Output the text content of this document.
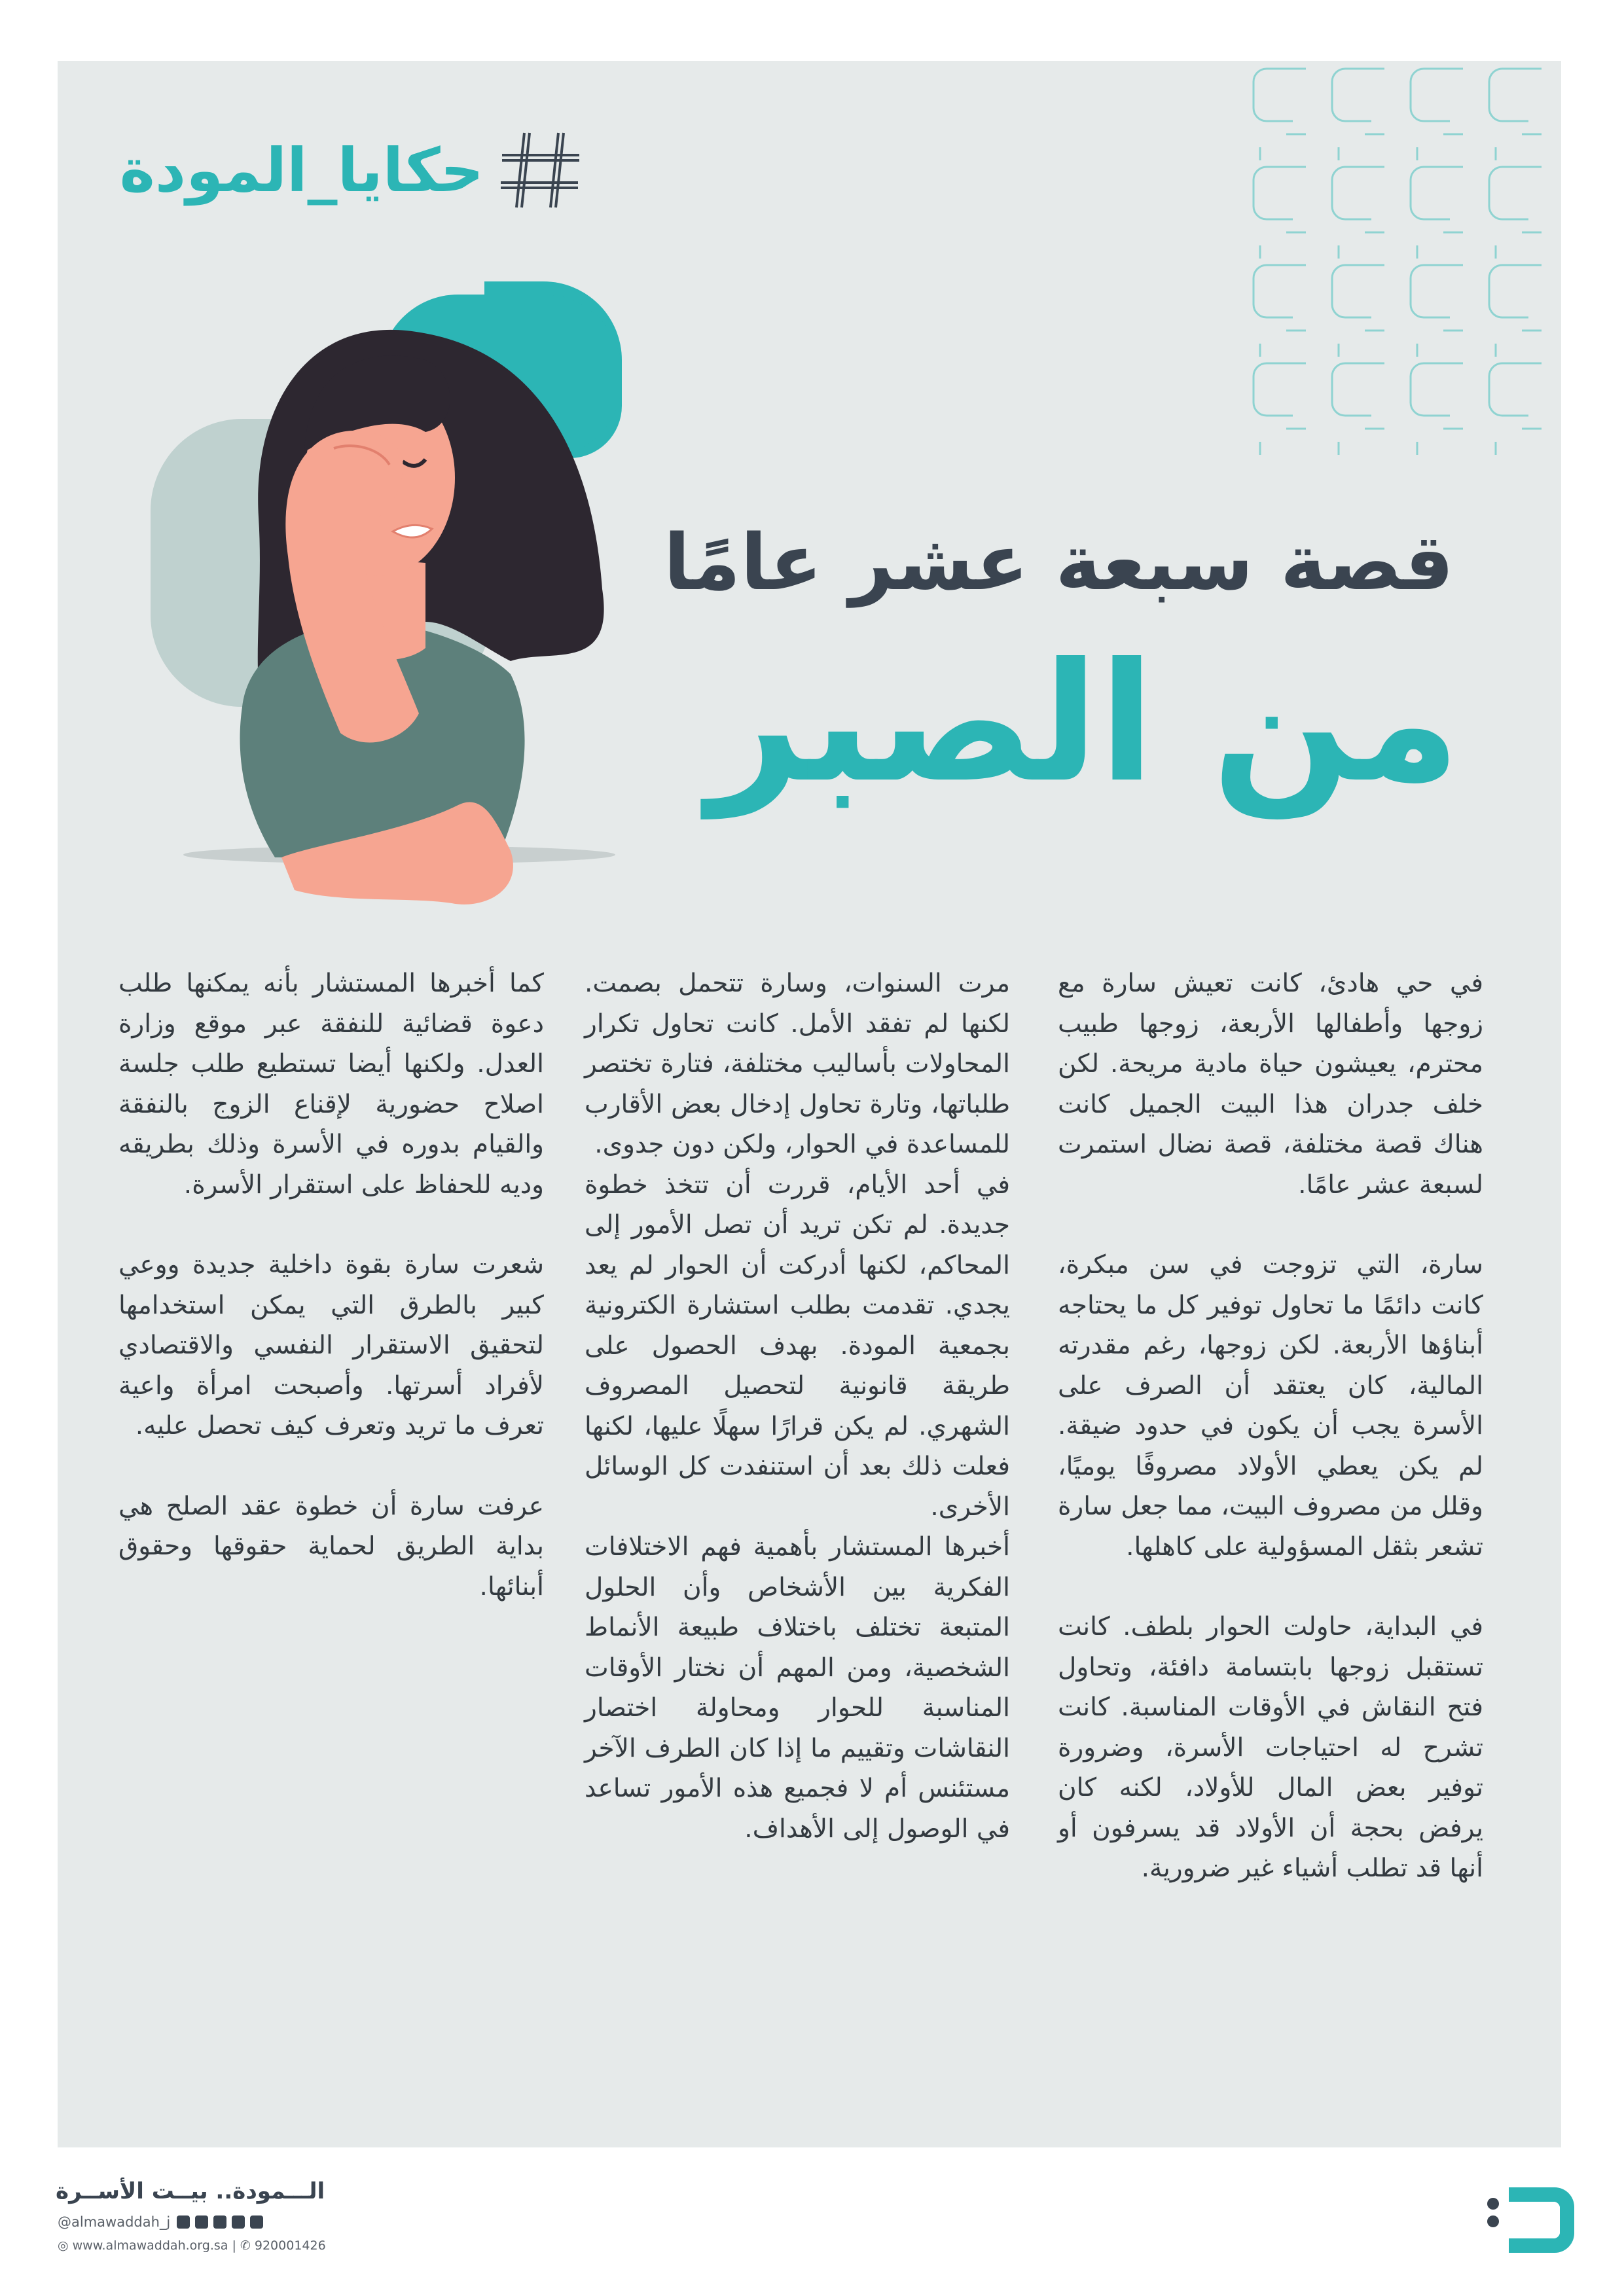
حكايا_المودة
قصة سبعة عشر عامًا
من الصبر

في حي هادئ، كانت تعيش سارة مع زوجها وأطفالها الأربعة، زوجها طبيب محترم، يعيشون حياة مادية مريحة. لكن خلف جدران هذا البيت الجميل كانت هناك قصة مختلفة، قصة نضال استمرت لسبعة عشر عامًا.

سارة، التي تزوجت في سن مبكرة، كانت دائمًا ما تحاول توفير كل ما يحتاجه أبناؤها الأربعة. لكن زوجها، رغم مقدرته المالية، كان يعتقد أن الصرف على الأسرة يجب أن يكون في حدود ضيقة. لم يكن يعطي الأولاد مصروفًا يوميًا، وقلل من مصروف البيت، مما جعل سارة تشعر بثقل المسؤولية على كاهلها.

في البداية، حاولت الحوار بلطف. كانت تستقبل زوجها بابتسامة دافئة، وتحاول فتح النقاش في الأوقات المناسبة. كانت تشرح له احتياجات الأسرة، وضرورة توفير بعض المال للأولاد، لكنه كان يرفض بحجة أن الأولاد قد يسرفون أو أنها قد تطلب أشياء غير ضرورية.

مرت السنوات، وسارة تتحمل بصمت. لكنها لم تفقد الأمل. كانت تحاول تكرار المحاولات بأساليب مختلفة، فتارة تختصر طلباتها، وتارة تحاول إدخال بعض الأقارب للمساعدة في الحوار، ولكن دون جدوى.

في أحد الأيام، قررت أن تتخذ خطوة جديدة. لم تكن تريد أن تصل الأمور إلى المحاكم، لكنها أدركت أن الحوار لم يعد يجدي. تقدمت بطلب استشارة الكترونية بجمعية المودة. بهدف الحصول على طريقة قانونية لتحصيل المصروف الشهري. لم يكن قرارًا سهلًا عليها، لكنها فعلت ذلك بعد أن استنفدت كل الوسائل الأخرى.

أخبرها المستشار بأهمية فهم الاختلافات الفكرية بين الأشخاص وأن الحلول المتبعة تختلف باختلاف طبيعة الأنماط الشخصية، ومن المهم أن نختار الأوقات المناسبة للحوار ومحاولة اختصار النقاشات وتقييم ما إذا كان الطرف الآخر مستئنس أم لا فجميع هذه الأمور تساعد في الوصول إلى الأهداف.

كما أخبرها المستشار بأنه يمكنها طلب دعوة قضائية للنفقة عبر موقع وزارة العدل. ولكنها أيضا تستطيع طلب جلسة اصلاح حضورية لإقناع الزوج بالنفقة والقيام بدوره في الأسرة وذلك بطريقه وديه للحفاظ على استقرار الأسرة.

شعرت سارة بقوة داخلية جديدة ووعي كبير بالطرق التي يمكن استخدامها لتحقيق الاستقرار النفسي والاقتصادي لأفراد أسرتها. وأصبحت امرأة واعية تعرف ما تريد وتعرف كيف تحصل عليه.

عرفت سارة أن خطوة عقد الصلح هي بداية الطريق لحماية حقوقها وحقوق أبنائها.

الـــمودة.. بيــت الأســرة
@almawaddah_j
◎ www.almawaddah.org.sa | ✆ 920001426
